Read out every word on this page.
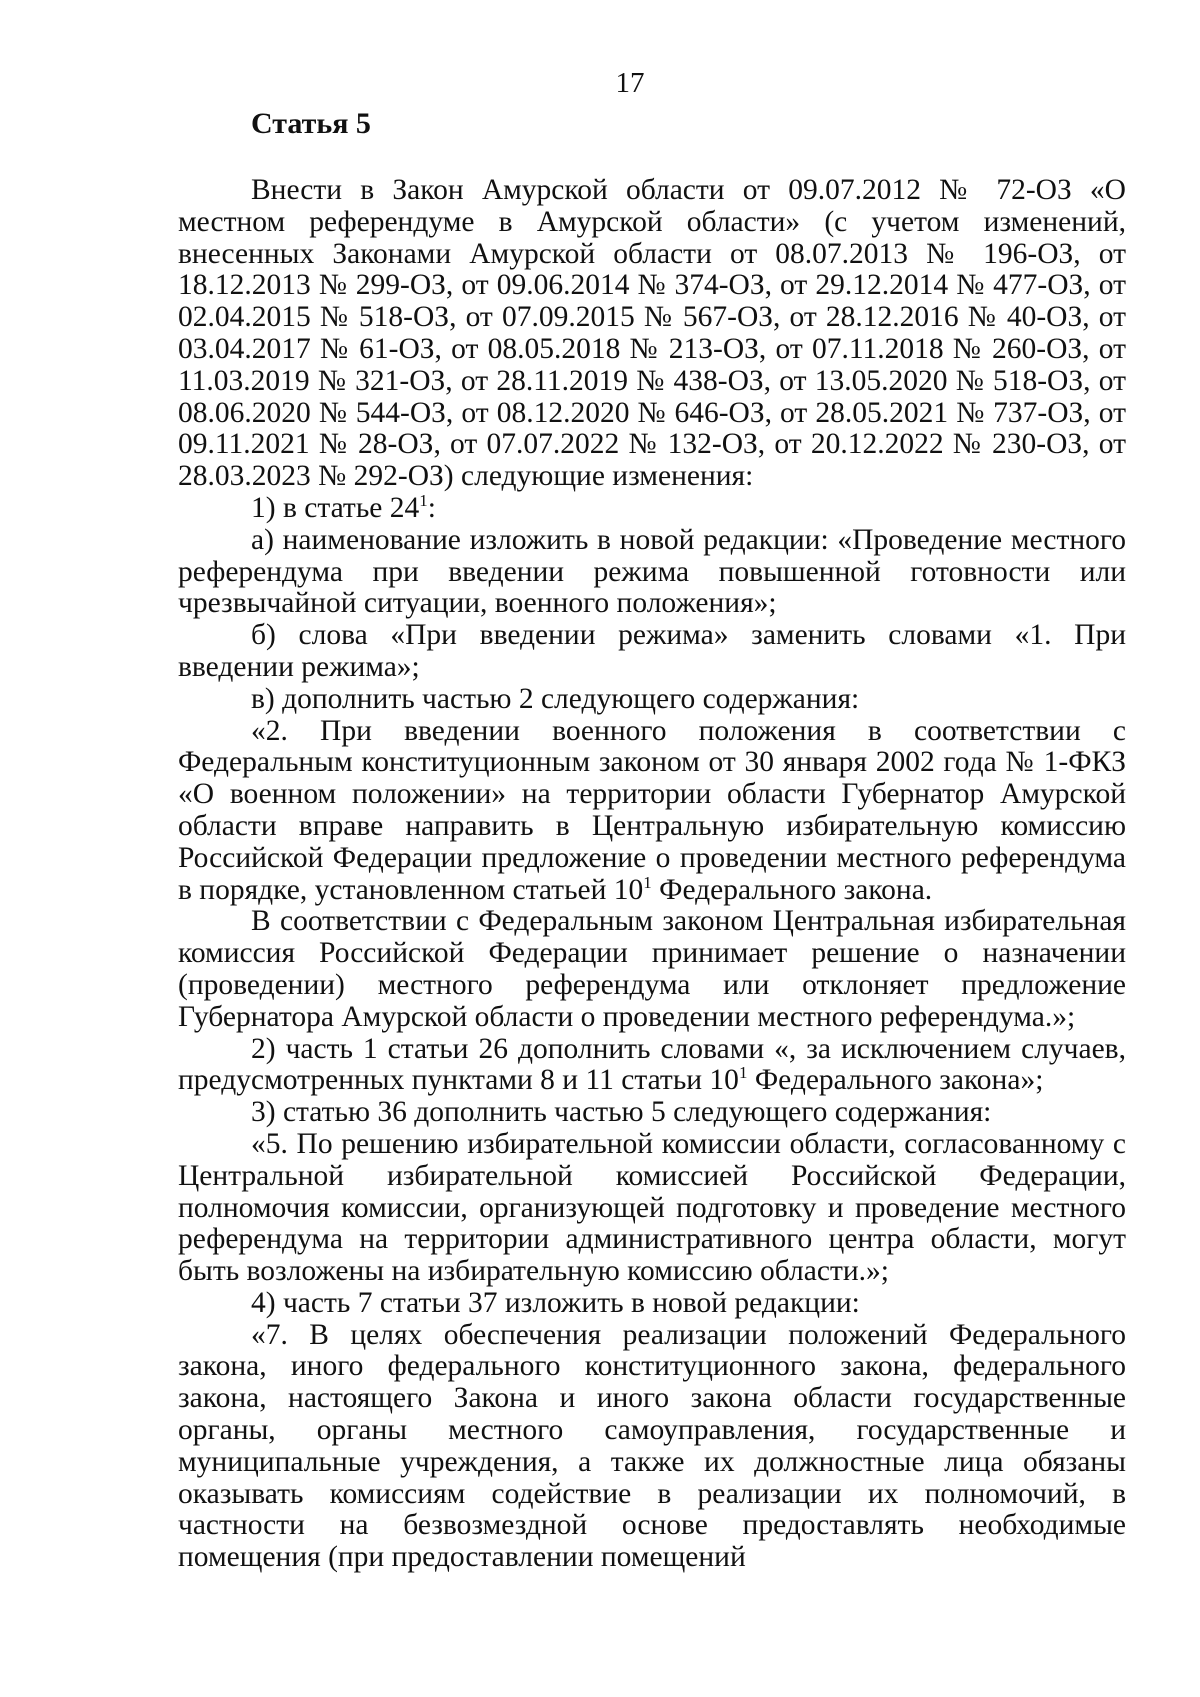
17
Статья 5

Внести в Закон Амурской области от 09.07.2012 № 72-ОЗ «О местном референдуме в Амурской области» (с учетом изменений, внесенных Законами Амурской области от 08.07.2013 № 196-ОЗ, от 18.12.2013 № 299-ОЗ, от 09.06.2014 № 374-ОЗ, от 29.12.2014 № 477-ОЗ, от 02.04.2015 № 518-ОЗ, от 07.09.2015 № 567-ОЗ, от 28.12.2016 № 40-ОЗ, от 03.04.2017 № 61-ОЗ, от 08.05.2018 № 213-ОЗ, от 07.11.2018 № 260-ОЗ, от 11.03.2019 № 321-ОЗ, от 28.11.2019 № 438-ОЗ, от 13.05.2020 № 518-ОЗ, от 08.06.2020 № 544-ОЗ, от 08.12.2020 № 646-ОЗ, от 28.05.2021 № 737-ОЗ, от 09.11.2021 № 28-ОЗ, от 07.07.2022 № 132-ОЗ, от 20.12.2022 № 230-ОЗ, от 28.03.2023 № 292-ОЗ) следующие изменения:

1) в статье $24^1$:

а) наименование изложить в новой редакции: «Проведение местного референдума при введении режима повышенной готовности или чрезвычайной ситуации, военного положения»;

б) слова «При введении режима» заменить словами «1. При введении режима»;

в) дополнить частью 2 следующего содержания:

«2. При введении военного положения в соответствии с Федеральным конституционным законом от 30 января 2002 года № 1-ФКЗ «О военном положении» на территории области Губернатор Амурской области вправе направить в Центральную избирательную комиссию Российской Федерации предложение о проведении местного референдума в порядке, установленном статьей $10^1$ Федерального закона.

В соответствии с Федеральным законом Центральная избирательная комиссия Российской Федерации принимает решение о назначении (проведении) местного референдума или отклоняет предложение Губернатора Амурской области о проведении местного референдума.»;

2) часть 1 статьи 26 дополнить словами «, за исключением случаев, предусмотренных пунктами 8 и 11 статьи $10^1$ Федерального закона»;

3) статью 36 дополнить частью 5 следующего содержания:

«5. По решению избирательной комиссии области, согласованному с Центральной избирательной комиссией Российской Федерации, полномочия комиссии, организующей подготовку и проведение местного референдума на территории административного центра области, могут быть возложены на избирательную комиссию области.»;

4) часть 7 статьи 37 изложить в новой редакции:

«7. В целях обеспечения реализации положений Федерального закона, иного федерального конституционного закона, федерального закона, настоящего Закона и иного закона области государственные органы, органы местного самоуправления, государственные и муниципальные учреждения, а также их должностные лица обязаны оказывать комиссиям содействие в реализации их полномочий, в частности на безвозмездной основе предоставлять необходимые помещения (при предоставлении помещений
